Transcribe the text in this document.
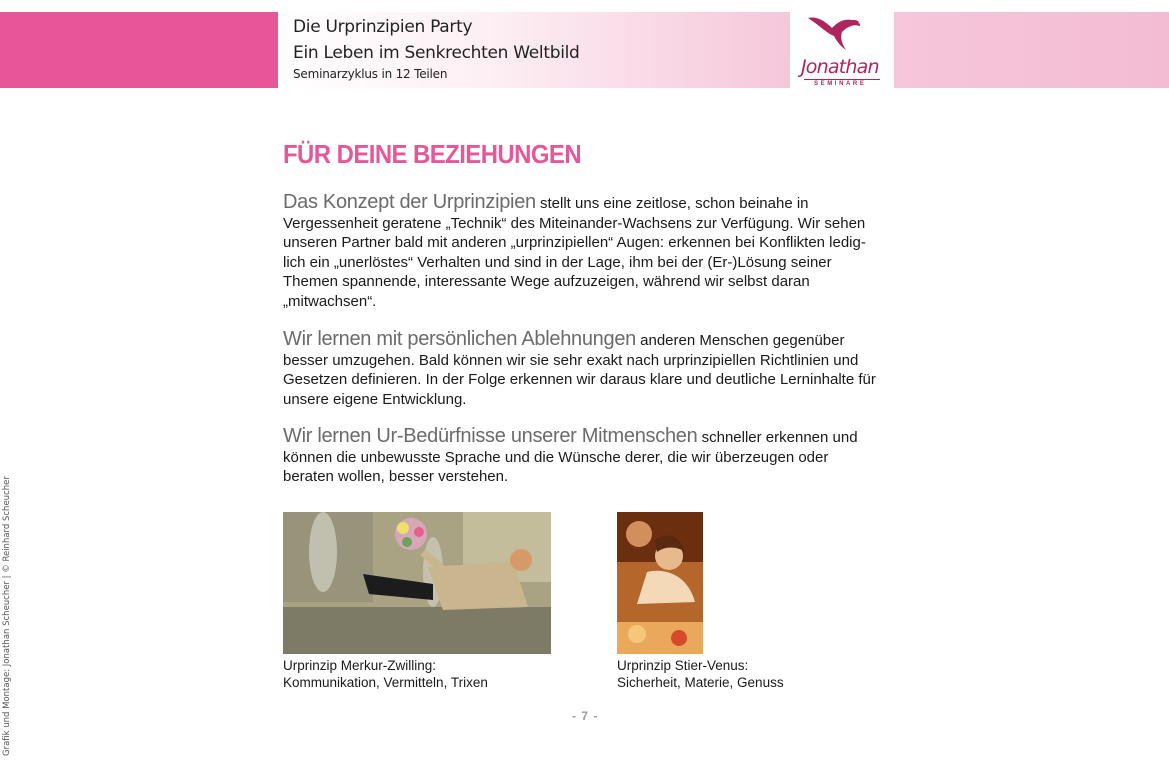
Die Urprinzipien Party
Ein Leben im Senkrechten Weltbild
Seminarzyklus in 12 Teilen	Jonathan
SEMINARE
FÜR DEINE BEZIEHUNGEN

Das Konzept der Urprinzipien stellt uns eine zeitlose, schon beinahe in Vergessenheit geratene „Technik“ des Miteinander-Wachsens zur Verfügung. Wir sehen unseren Partner bald mit anderen „urprinzipiellen“ Augen: erkennen bei Konflikten ledig-lich ein „unerlöstes“ Verhalten und sind in der Lage, ihm bei der (Er-)Lösung seiner Themen spannende, interessante Wege aufzuzeigen, während wir selbst daran „mitwachsen“.

Wir lernen mit persönlichen Ablehnungen anderen Menschen gegenüber besser umzugehen. Bald können wir sie sehr exakt nach urprinzipiellen Richtlinien und Gesetzen definieren. In der Folge erkennen wir daraus klare und deutliche Lerninhalte für unsere eigene Entwicklung.

Wir lernen Ur-Bedürfnisse unserer Mitmenschen schneller erkennen und können die unbewusste Sprache und die Wünsche derer, die wir überzeugen oder beraten wollen, besser verstehen.

Urprinzip Merkur-Zwilling:
Kommunikation, Vermitteln, Trixen

Urprinzip Stier-Venus:
Sicherheit, Materie, Genuss

- 7 -
Grafik und Montage: Jonathan Scheucher | © Reinhard Scheucher
